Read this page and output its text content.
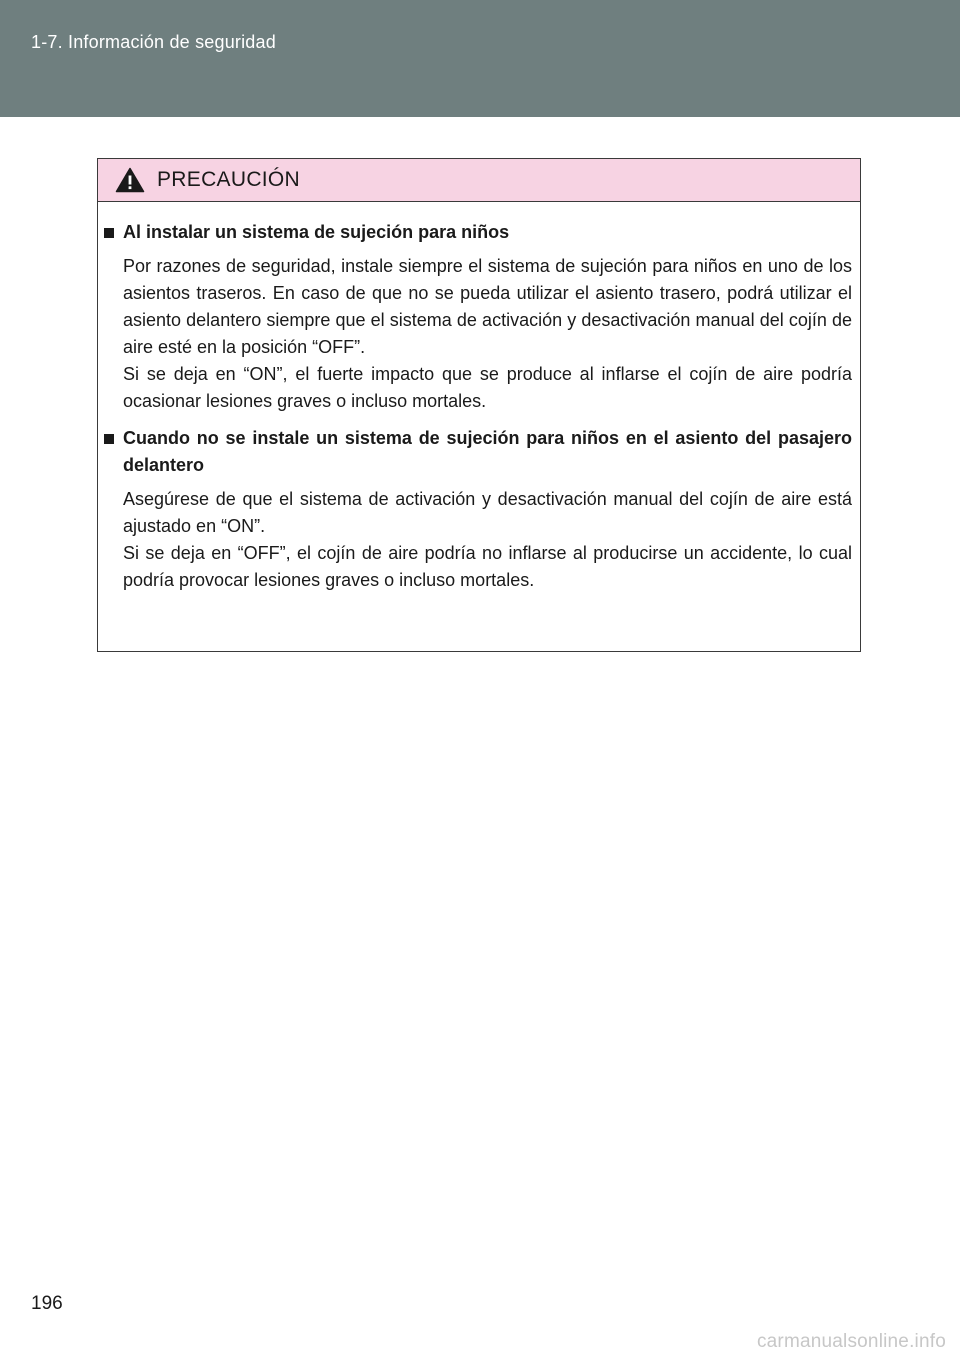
1-7. Información de seguridad
PRECAUCIÓN
Al instalar un sistema de sujeción para niños
Por razones de seguridad, instale siempre el sistema de sujeción para niños en uno de los asientos traseros. En caso de que no se pueda utilizar el asiento trasero, podrá utilizar el asiento delantero siempre que el sistema de activación y desactivación manual del cojín de aire esté en la posición “OFF”.
Si se deja en “ON”, el fuerte impacto que se produce al inflarse el cojín de aire podría ocasionar lesiones graves o incluso mortales.
Cuando no se instale un sistema de sujeción para niños en el asiento del pasajero delantero
Asegúrese de que el sistema de activación y desactivación manual del cojín de aire está ajustado en “ON”.
Si se deja en “OFF”, el cojín de aire podría no inflarse al producirse un accidente, lo cual podría provocar lesiones graves o incluso mortales.
196
carmanualsonline.info
